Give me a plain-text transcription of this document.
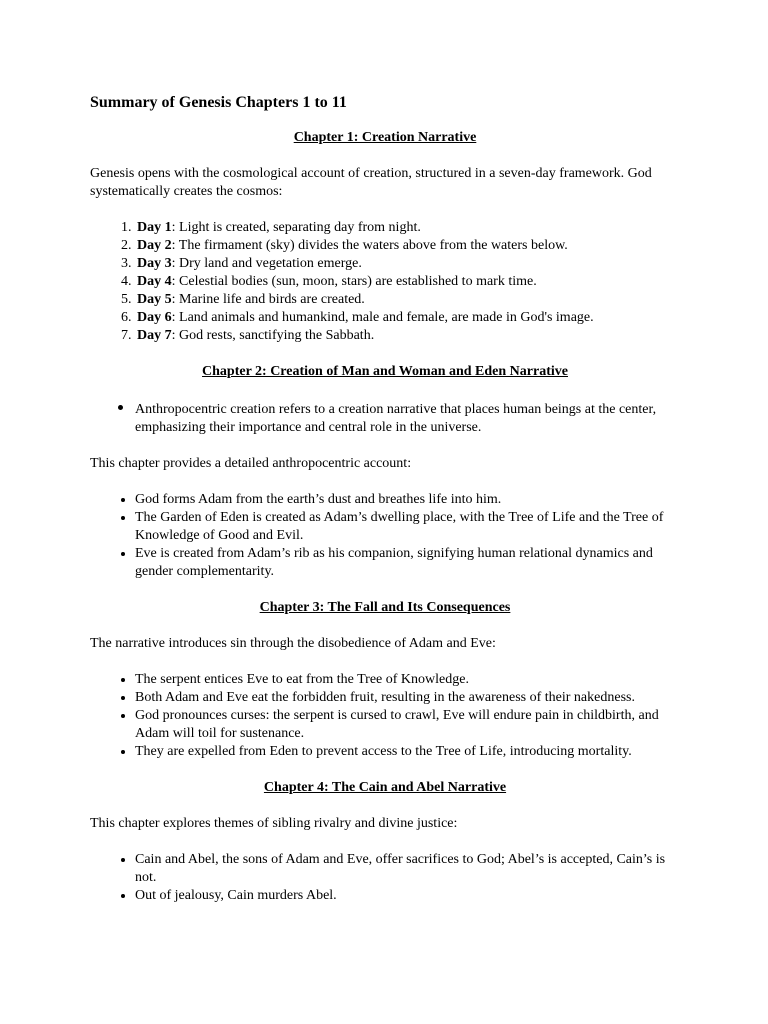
Summary of Genesis Chapters 1 to 11
Chapter 1: Creation Narrative
Genesis opens with the cosmological account of creation, structured in a seven-day framework. God systematically creates the cosmos:
1. Day 1: Light is created, separating day from night.
2. Day 2: The firmament (sky) divides the waters above from the waters below.
3. Day 3: Dry land and vegetation emerge.
4. Day 4: Celestial bodies (sun, moon, stars) are established to mark time.
5. Day 5: Marine life and birds are created.
6. Day 6: Land animals and humankind, male and female, are made in God's image.
7. Day 7: God rests, sanctifying the Sabbath.
Chapter 2: Creation of Man and Woman and Eden Narrative
• Anthropocentric creation refers to a creation narrative that places human beings at the center, emphasizing their importance and central role in the universe.
This chapter provides a detailed anthropocentric account:
• God forms Adam from the earth’s dust and breathes life into him.
• The Garden of Eden is created as Adam’s dwelling place, with the Tree of Life and the Tree of Knowledge of Good and Evil.
• Eve is created from Adam’s rib as his companion, signifying human relational dynamics and gender complementarity.
Chapter 3: The Fall and Its Consequences
The narrative introduces sin through the disobedience of Adam and Eve:
• The serpent entices Eve to eat from the Tree of Knowledge.
• Both Adam and Eve eat the forbidden fruit, resulting in the awareness of their nakedness.
• God pronounces curses: the serpent is cursed to crawl, Eve will endure pain in childbirth, and Adam will toil for sustenance.
• They are expelled from Eden to prevent access to the Tree of Life, introducing mortality.
Chapter 4: The Cain and Abel Narrative
This chapter explores themes of sibling rivalry and divine justice:
• Cain and Abel, the sons of Adam and Eve, offer sacrifices to God; Abel’s is accepted, Cain’s is not.
• Out of jealousy, Cain murders Abel.
